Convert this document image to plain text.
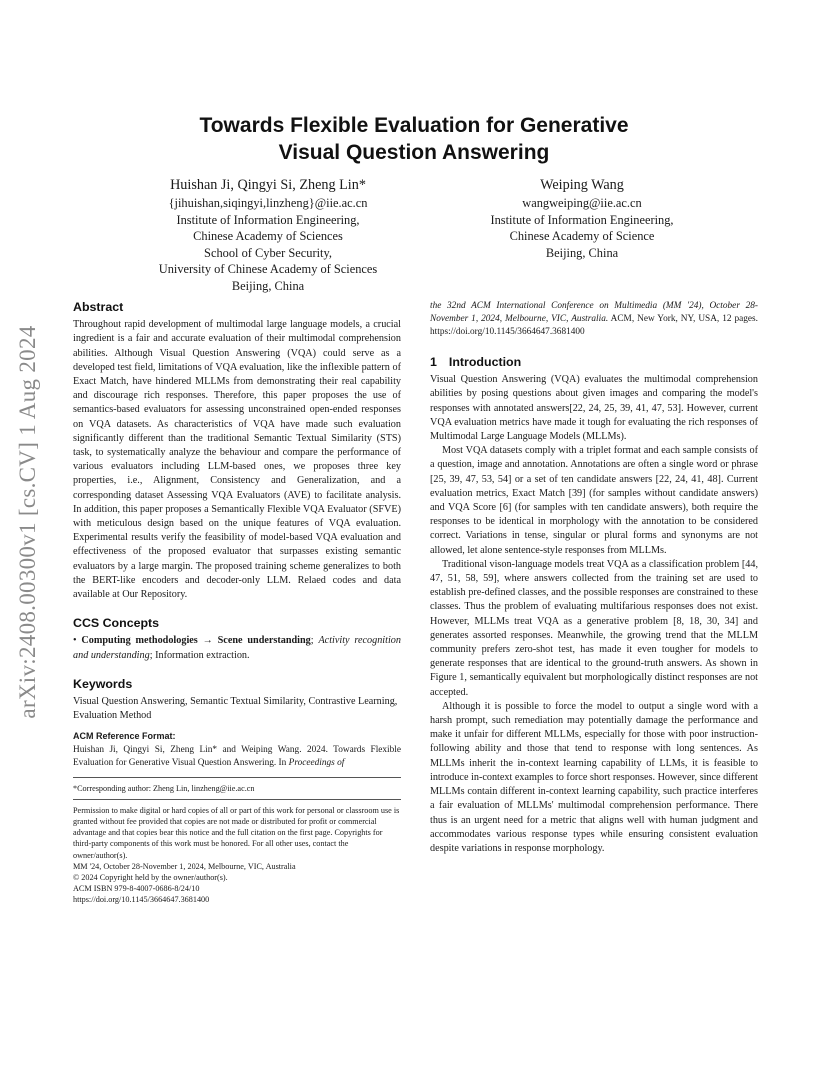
arXiv:2408.00300v1 [cs.CV] 1 Aug 2024
Towards Flexible Evaluation for Generative
Visual Question Answering
Huishan Ji, Qingyi Si, Zheng Lin*
{jihuishan,siqingyi,linzheng}@iie.ac.cn
Institute of Information Engineering,
Chinese Academy of Sciences
School of Cyber Security,
University of Chinese Academy of Sciences
Beijing, China
Weiping Wang
wangweiping@iie.ac.cn
Institute of Information Engineering,
Chinese Academy of Science
Beijing, China
Abstract

Throughout rapid development of multimodal large language models, a crucial ingredient is a fair and accurate evaluation of their multimodal comprehension abilities. Although Visual Question Answering (VQA) could serve as a developed test field, limitations of VQA evaluation, like the inflexible pattern of Exact Match, have hindered MLLMs from demonstrating their real capability and discourage rich responses. Therefore, this paper proposes the use of semantics-based evaluators for assessing unconstrained open-ended responses on VQA datasets. As characteristics of VQA have made such evaluation significantly different than the traditional Semantic Textual Similarity (STS) task, to systematically analyze the behaviour and compare the performance of various evaluators including LLM-based ones, we proposes three key properties, i.e., Alignment, Consistency and Generalization, and a corresponding dataset Assessing VQA Evaluators (AVE) to facilitate analysis. In addition, this paper proposes a Semantically Flexible VQA Evaluator (SFVE) with meticulous design based on the unique features of VQA evaluation. Experimental results verify the feasibility of model-based VQA evaluation and effectiveness of the proposed evaluator that surpasses existing semantic evaluators by a large margin. The proposed training scheme generalizes to both the BERT-like encoders and decoder-only LLM. Relaed codes and data available at Our Repository.

CCS Concepts

• Computing methodologies → Scene understanding; Activity recognition and understanding; Information extraction.

Keywords

Visual Question Answering, Semantic Textual Similarity, Contrastive Learning, Evaluation Method

ACM Reference Format:

Huishan Ji, Qingyi Si, Zheng Lin* and Weiping Wang. 2024. Towards Flexible Evaluation for Generative Visual Question Answering. In Proceedings of

*Corresponding author: Zheng Lin, linzheng@iie.ac.cn

Permission to make digital or hard copies of all or part of this work for personal or classroom use is granted without fee provided that copies are not made or distributed for profit or commercial advantage and that copies bear this notice and the full citation on the first page. Copyrights for third-party components of this work must be honored. For all other uses, contact the owner/author(s).

MM '24, October 28-November 1, 2024, Melbourne, VIC, Australia

© 2024 Copyright held by the owner/author(s).

ACM ISBN 979-8-4007-0686-8/24/10

https://doi.org/10.1145/3664647.3681400

the 32nd ACM International Conference on Multimedia (MM '24), October 28-November 1, 2024, Melbourne, VIC, Australia. ACM, New York, NY, USA, 12 pages. https://doi.org/10.1145/3664647.3681400

1 Introduction

Visual Question Answering (VQA) evaluates the multimodal comprehension abilities by posing questions about given images and comparing the model's responses with annotated answers[22, 24, 25, 39, 41, 47, 53]. However, current VQA evaluation metrics have made it tough for evaluating the rich responses of Multimodal Large Language Models (MLLMs).

Most VQA datasets comply with a triplet format and each sample consists of a question, image and annotation. Annotations are often a single word or phrase [25, 39, 47, 53, 54] or a set of ten candidate answers [22, 24, 41, 48]. Current evaluation metrics, Exact Match [39] (for samples without candidate answers) and VQA Score [6] (for samples with ten candidate answers), both require the responses to be identical in morphology with the annotation to be considered correct. Variations in tense, singular or plural forms and synonyms are not allowed, let alone sentence-style responses from MLLMs.

Traditional vison-language models treat VQA as a classification problem [44, 47, 51, 58, 59], where answers collected from the training set are used to establish pre-defined classes, and the possible responses are constrained to these classes. Thus the problem of evaluating multifarious responses does not exist. However, MLLMs treat VQA as a generative problem [8, 18, 30, 34] and generates assorted responses. Meanwhile, the growing trend that the MLLM community prefers zero-shot test, has made it even tougher for models to generate responses that are identical to the ground-truth answers. As shown in Figure 1, semantically equivalent but morphologically distinct responses are not accepted.

Although it is possible to force the model to output a single word with a harsh prompt, such remediation may potentially damage the performance and make it unfair for different MLLMs, especially for those with poor instruction-following ability and those that tend to response with long sentences. As MLLMs inherit the in-context learning capability of LLMs, it is feasible to introduce in-context examples to force short responses. However, since different MLLMs contain different in-context learning capability, such practice interferes a fair evaluation of MLLMs' multimodal comprehension performance. There thus is an urgent need for a metric that aligns well with human judgment and accommodates various response types while ensuring consistent evaluation despite variations in response morphology.
